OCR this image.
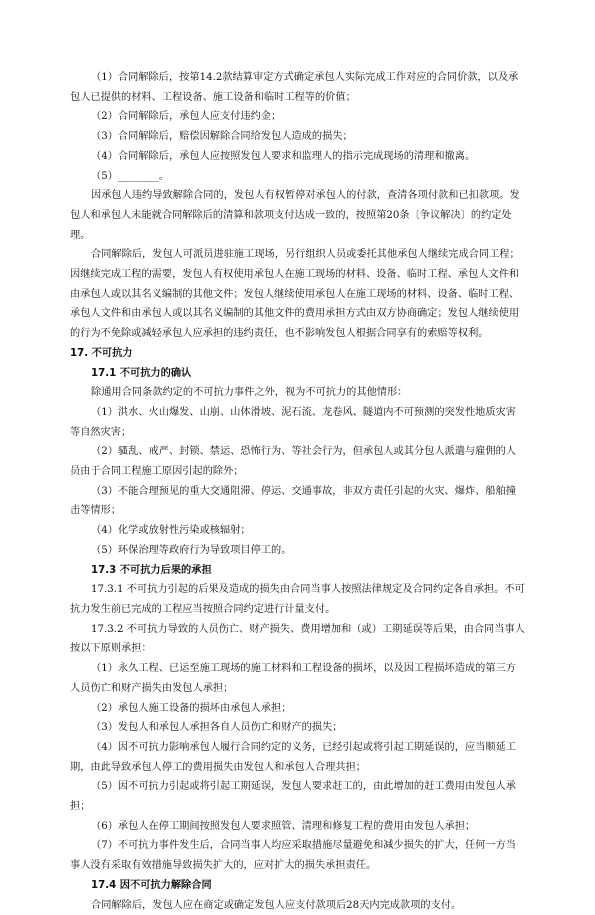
（1）合同解除后，按第14.2款结算审定方式确定承包人实际完成工作对应的合同价款，以及承包人已提供的材料、工程设备、施工设备和临时工程等的价值；

（2）合同解除后，承包人应支付违约金；

（3）合同解除后，赔偿因解除合同给发包人造成的损失；

（4）合同解除后，承包人应按照发包人要求和监理人的指示完成现场的清理和撤离。

（5）________。

因承包人违约导致解除合同的，发包人有权暂停对承包人的付款，查清各项付款和已扣款项。发包人和承包人未能就合同解除后的清算和款项支付达成一致的，按照第20条〔争议解决〕的约定处理。

合同解除后，发包人可派员进驻施工现场，另行组织人员或委托其他承包人继续完成合同工程；因继续完成工程的需要，发包人有权使用承包人在施工现场的材料、设备、临时工程、承包人文件和由承包人或以其名义编制的其他文件；发包人继续使用承包人在施工现场的材料、设备、临时工程、承包人文件和由承包人或以其名义编制的其他文件的费用承担方式由双方协商确定；发包人继续使用的行为不免除或减轻承包人应承担的违约责任，也不影响发包人根据合同享有的索赔等权利。

17. 不可抗力

17.1 不可抗力的确认

除通用合同条款约定的不可抗力事件之外，视为不可抗力的其他情形：

（1）洪水、火山爆发、山崩、山体滑坡、泥石流、龙卷风、隧道内不可预测的突发性地质灾害等自然灾害；

（2）骚乱、戒严、封锁、禁运、恐怖行为、等社会行为，但承包人或其分包人派遣与雇佣的人员由于合同工程施工原因引起的除外；

（3）不能合理预见的重大交通阻滞、停运、交通事故，非双方责任引起的火灾、爆炸、船舶撞击等情形；

（4）化学或放射性污染或核辐射；

（5）环保治理等政府行为导致项目停工的。

17.3 不可抗力后果的承担

17.3.1 不可抗力引起的后果及造成的损失由合同当事人按照法律规定及合同约定各自承担。不可抗力发生前已完成的工程应当按照合同约定进行计量支付。

17.3.2 不可抗力导致的人员伤亡、财产损失、费用增加和（或）工期延误等后果，由合同当事人按以下原则承担：

（1）永久工程、已运至施工现场的施工材料和工程设备的损坏，以及因工程损坏造成的第三方人员伤亡和财产损失由发包人承担；

（2）承包人施工设备的损坏由承包人承担；

（3）发包人和承包人承担各自人员伤亡和财产的损失；

（4）因不可抗力影响承包人履行合同约定的义务，已经引起或将引起工期延误的，应当顺延工期，由此导致承包人停工的费用损失由发包人和承包人合理共担；

（5）因不可抗力引起或将引起工期延误，发包人要求赶工的，由此增加的赶工费用由发包人承担；

（6）承包人在停工期间按照发包人要求照管、清理和修复工程的费用由发包人承担；

（7）不可抗力事件发生后，合同当事人均应采取措施尽量避免和减少损失的扩大，任何一方当事人没有采取有效措施导致损失扩大的，应对扩大的损失承担责任。

17.4 因不可抗力解除合同

合同解除后，发包人应在商定或确定发包人应支付款项后28天内完成款项的支付。
